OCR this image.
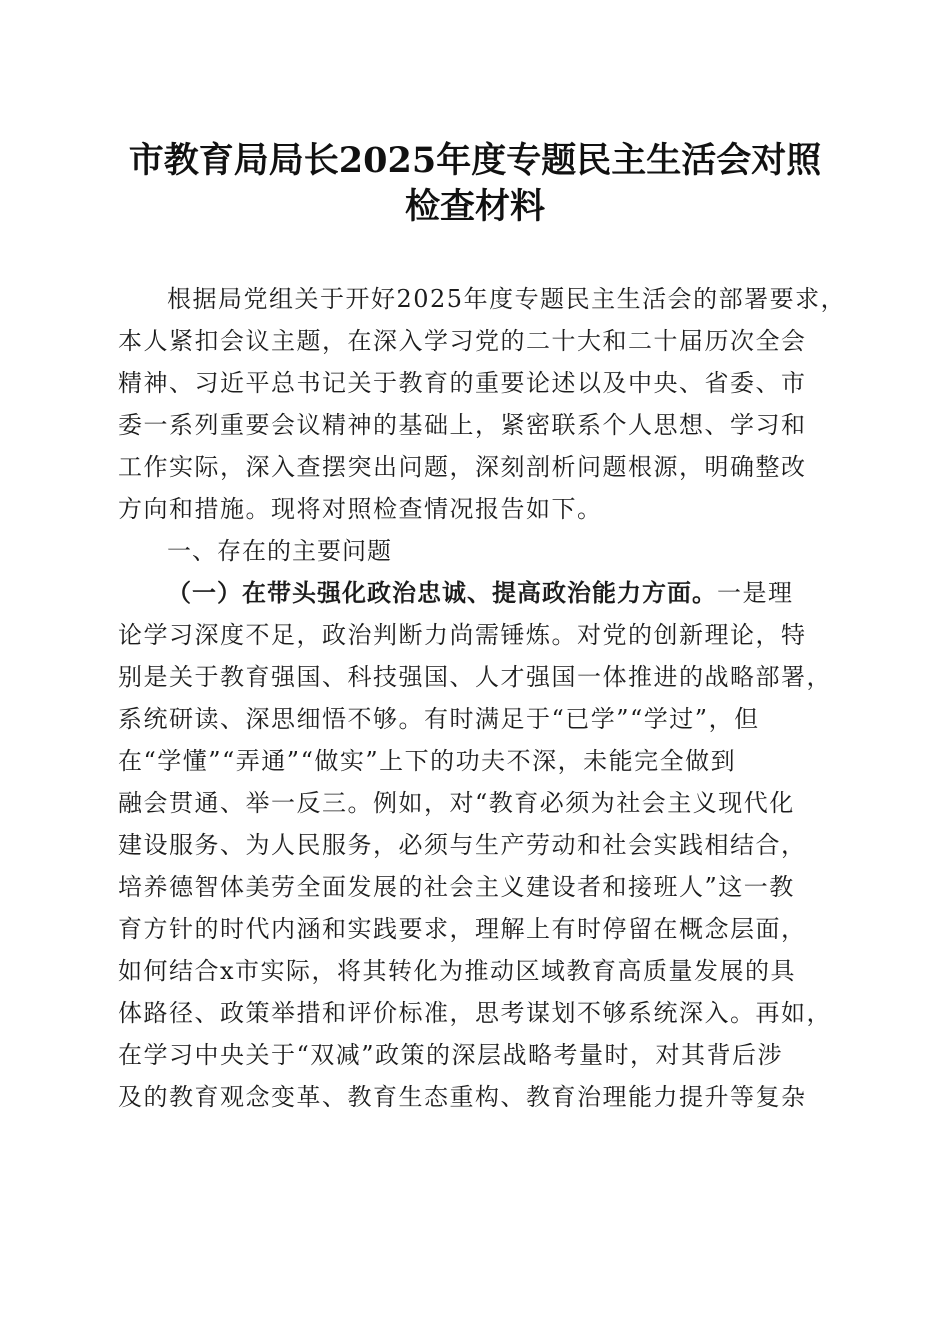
市教育局局长2025年度专题民主生活会对照
检查材料
根据局党组关于开好2025年度专题民主生活会的部署要求，
本人紧扣会议主题，在深入学习党的二十大和二十届历次全会
精神、习近平总书记关于教育的重要论述以及中央、省委、市
委一系列重要会议精神的基础上，紧密联系个人思想、学习和
工作实际，深入查摆突出问题，深刻剖析问题根源，明确整改
方向和措施。现将对照检查情况报告如下。
一、存在的主要问题
（一）在带头强化政治忠诚、提高政治能力方面。一是理
论学习深度不足，政治判断力尚需锤炼。对党的创新理论，特
别是关于教育强国、科技强国、人才强国一体推进的战略部署，
系统研读、深思细悟不够。有时满足于“已学”“学过”，但
在“学懂”“弄通”“做实”上下的功夫不深，未能完全做到
融会贯通、举一反三。例如，对“教育必须为社会主义现代化
建设服务、为人民服务，必须与生产劳动和社会实践相结合，
培养德智体美劳全面发展的社会主义建设者和接班人”这一教
育方针的时代内涵和实践要求，理解上有时停留在概念层面，
如何结合x市实际，将其转化为推动区域教育高质量发展的具
体路径、政策举措和评价标准，思考谋划不够系统深入。再如，
在学习中央关于“双减”政策的深层战略考量时，对其背后涉
及的教育观念变革、教育生态重构、教育治理能力提升等复杂
